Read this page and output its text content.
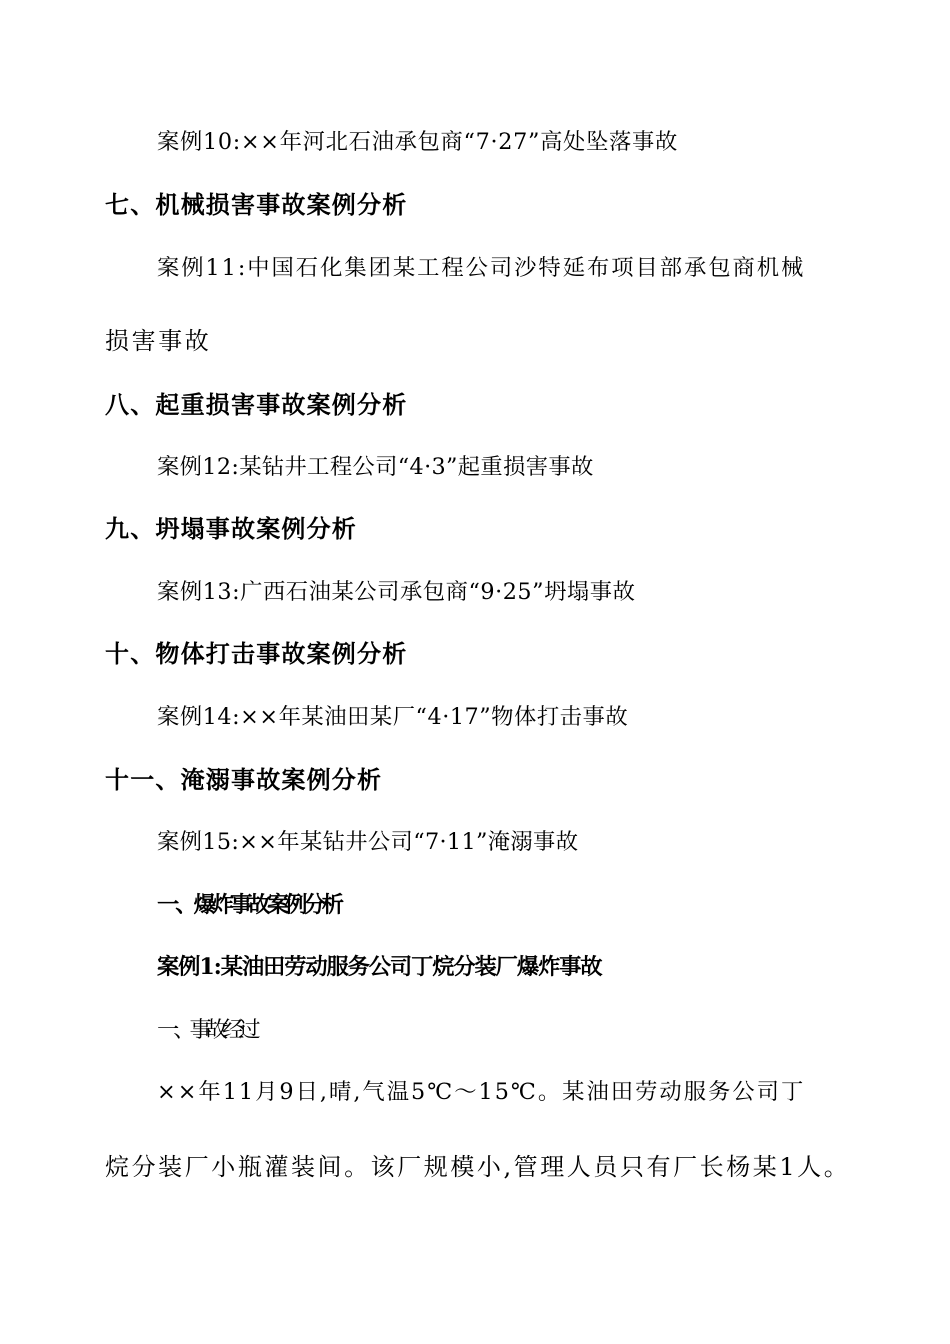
案例10:××年河北石油承包商“7·27”高处坠落事故
七、机械损害事故案例分析
案例11:中国石化集团某工程公司沙特延布项目部承包商机械
损害事故
八、起重损害事故案例分析
案例12:某钻井工程公司“4·3”起重损害事故
九、坍塌事故案例分析
案例13:广西石油某公司承包商“9·25”坍塌事故
十、物体打击事故案例分析
案例14:××年某油田某厂“4·17”物体打击事故
十一、淹溺事故案例分析
案例15:××年某钻井公司“7·11”淹溺事故
一、爆炸事故案例分析
案例1:某油田劳动服务公司丁烷分装厂爆炸事故
一、事故经过
××年11月9日,晴,气温5℃～15℃。某油田劳动服务公司丁
烷分装厂小瓶灌装间。该厂规模小,管理人员只有厂长杨某1人。
